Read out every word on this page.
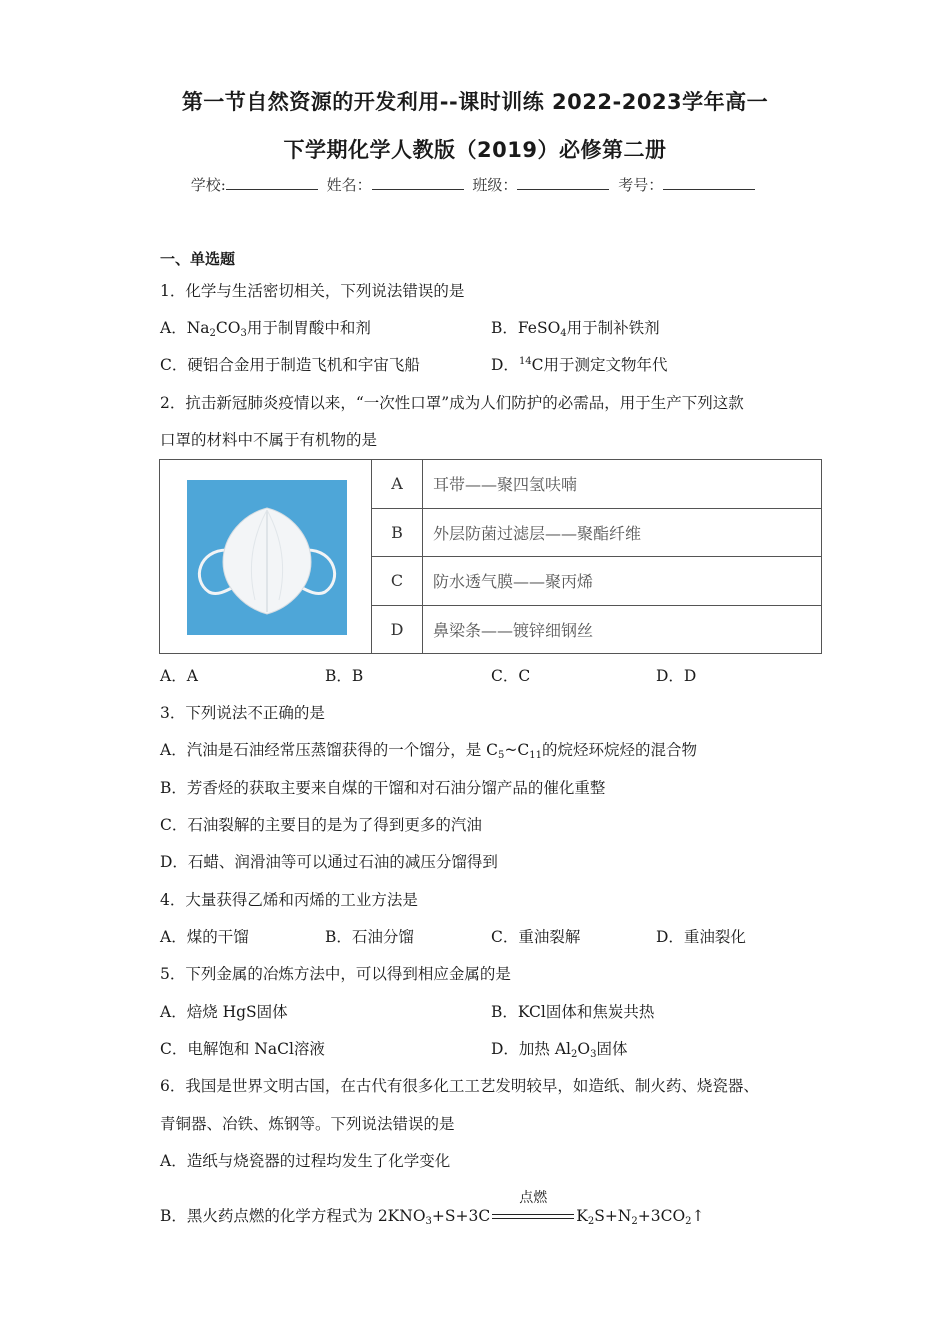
第一节自然资源的开发利用--课时训练 2022-2023学年高一
下学期化学人教版（2019）必修第二册
学校:	姓名：	班级：	考号：
一、单选题
1．化学与生活密切相关，下列说法错误的是
A．$Na_2CO_3$用于制胃酸中和剂	B．FeSO$_4$用于制补铁剂
C．硬铝合金用于制造飞机和宇宙飞船	D．$^{14}$C用于测定文物年代
2．抗击新冠肺炎疫情以来，“一次性口罩”成为人们防护的必需品，用于生产下列这款
口罩的材料中不属于有机物的是
	A	耳带——聚四氢呋喃
	B	外层防菌过滤层——聚酯纤维
	C	防水透气膜——聚丙烯
	D	鼻梁条——镀锌细钢丝
A．A	B．B	C．C	D．D
3．下列说法不正确的是
A．汽油是石油经常压蒸馏获得的一个馏分，是 $C_5\sim C_{11}$的烷烃环烷烃的混合物
B．芳香烃的获取主要来自煤的干馏和对石油分馏产品的催化重整
C．石油裂解的主要目的是为了得到更多的汽油
D．石蜡、润滑油等可以通过石油的减压分馏得到
4．大量获得乙烯和丙烯的工业方法是
A．煤的干馏	B．石油分馏	C．重油裂解	D．重油裂化
5．下列金属的冶炼方法中，可以得到相应金属的是
A．焙烧 HgS固体	B．KCl固体和焦炭共热
C．电解饱和 NaCl溶液	D．加热 $Al_2O_3$固体
6．我国是世界文明古国，在古代有很多化工工艺发明较早，如造纸、制火药、烧瓷器、
青铜器、冶铁、炼钢等。下列说法错误的是
A．造纸与烧瓷器的过程均发生了化学变化
B．黑火药点燃的化学方程式为 $2KNO_3+S+3C$
点燃
$K_2S+N_2+3CO_2↑$
